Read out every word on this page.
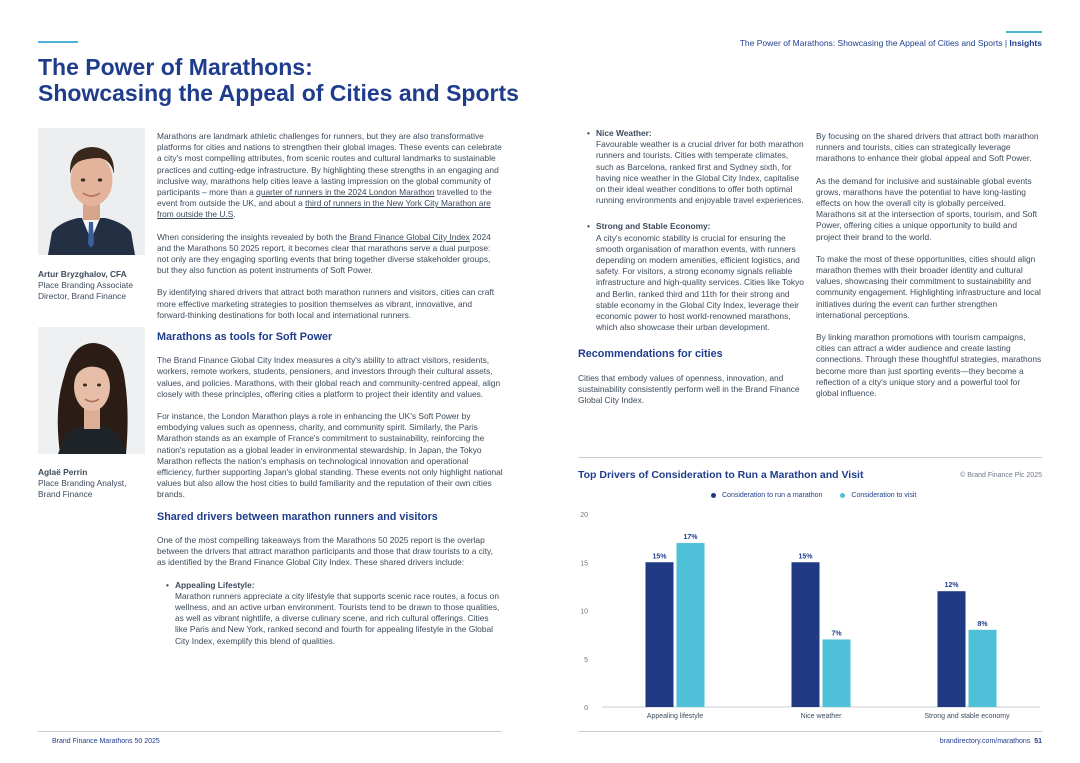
The Power of Marathons: Showcasing the Appeal of Cities and Sports | Insights
The Power of Marathons:
Showcasing the Appeal of Cities and Sports
Artur Bryzghalov, CFA
Place Branding Associate Director, Brand Finance
Aglaë Perrin
Place Branding Analyst, Brand Finance

Marathons are landmark athletic challenges for runners, but they are also transformative platforms for cities and nations to strengthen their global images. These events can celebrate a city's most compelling attributes, from scenic routes and cultural landmarks to sustainable practices and cutting-edge infrastructure. By highlighting these strengths in an engaging and inclusive way, marathons help cities leave a lasting impression on the global community of participants – more than a quarter of runners in the 2024 London Marathon travelled to the event from outside the UK, and about a third of runners in the New York City Marathon are from outside the U.S.

When considering the insights revealed by both the Brand Finance Global City Index 2024 and the Marathons 50 2025 report, it becomes clear that marathons serve a dual purpose: not only are they engaging sporting events that bring together diverse stakeholder groups, but they also function as potent instruments of Soft Power.

By identifying shared drivers that attract both marathon runners and visitors, cities can craft more effective marketing strategies to position themselves as vibrant, innovative, and forward-thinking destinations for both local and international runners.

Marathons as tools for Soft Power

The Brand Finance Global City Index measures a city's ability to attract visitors, residents, workers, remote workers, students, pensioners, and investors through their cultural assets, values, and policies. Marathons, with their global reach and community-centred appeal, align closely with these principles, offering cities a platform to project their identity and values.

For instance, the London Marathon plays a role in enhancing the UK's Soft Power by embodying values such as openness, charity, and community spirit. Similarly, the Paris Marathon stands as an example of France's commitment to sustainability, reinforcing the nation's reputation as a global leader in environmental stewardship. In Japan, the Tokyo Marathon reflects the nation's emphasis on technological innovation and operational efficiency, further supporting Japan's global standing. These events not only highlight national values but also allow the host cities to build familiarity and the reputation of their own cities brands.

Shared drivers between marathon runners and visitors

One of the most compelling takeaways from the Marathons 50 2025 report is the overlap between the drivers that attract marathon participants and those that draw tourists to a city, as identified by the Brand Finance Global City Index. These shared drivers include:

• Appealing Lifestyle:
Marathon runners appreciate a city lifestyle that supports scenic race routes, a focus on wellness, and an active urban environment. Tourists tend to be drawn to those qualities, as well as vibrant nightlife, a diverse culinary scene, and rich cultural offerings. Cities like Paris and New York, ranked second and fourth for appealing lifestyle in the Global City Index, exemplify this blend of qualities.
• Nice Weather:
Favourable weather is a crucial driver for both marathon runners and tourists. Cities with temperate climates, such as Barcelona, ranked first and Sydney sixth, for having nice weather in the Global City Index, capitalise on their ideal weather conditions to offer both optimal running environments and enjoyable travel experiences.
• Strong and Stable Economy:
A city's economic stability is crucial for ensuring the smooth organisation of marathon events, with runners depending on modern amenities, efficient logistics, and safety. For visitors, a strong economy signals reliable infrastructure and high-quality services. Cities like Tokyo and Berlin, ranked third and 11th for their strong and stable economy in the Global City Index, leverage their economic power to host world-renowned marathons, which also showcase their urban development.
Recommendations for cities

Cities that embody values of openness, innovation, and sustainability consistently perform well in the Brand Finance Global City Index.

By focusing on the shared drivers that attract both marathon runners and tourists, cities can strategically leverage marathons to enhance their global appeal and Soft Power.

As the demand for inclusive and sustainable global events grows, marathons have the potential to have long-lasting effects on how the overall city is globally perceived. Marathons sit at the intersection of sports, tourism, and Soft Power, offering cities a unique opportunity to build and project their brand to the world.

To make the most of these opportunities, cities should align marathon themes with their broader identity and cultural values, showcasing their commitment to sustainability and community engagement. Highlighting infrastructure and local initiatives during the event can further strengthen international perceptions.

By linking marathon promotions with tourism campaigns, cities can attract a wider audience and create lasting connections. Through these thoughtful strategies, marathons become more than just sporting events—they become a reflection of a city's unique story and a powerful tool for global influence.

Top Drivers of Consideration to Run a Marathon and Visit	© Brand Finance Plc 2025
Consideration to run a marathon	Consideration to visit
0
5
10
15
20
15%
17%
Appealing lifestyle
15%
7%
Nice weather
12%
8%
Strong and stable economy
Brand Finance Marathons 50 2025	brandirectory.com/marathons 51
